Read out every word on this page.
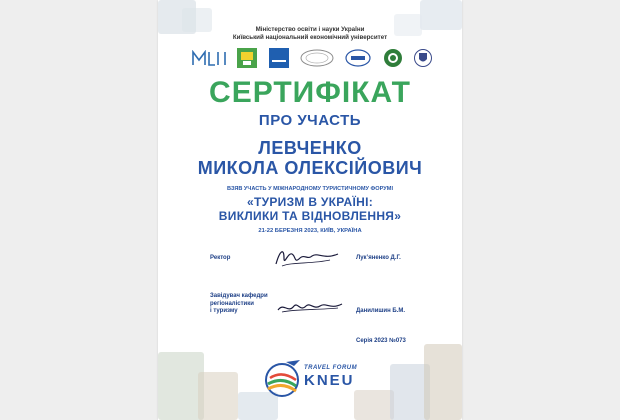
Міністерство освіти і науки України
Київський національний економічний університет
СЕРТИФІКАТ
ПРО УЧАСТЬ
ЛЕВЧЕНКО
МИКОЛА ОЛЕКСІЙОВИЧ
ВЗЯВ УЧАСТЬ У МІЖНАРОДНОМУ ТУРИСТИЧНОМУ ФОРУМІ
«ТУРИЗМ В УКРАЇНІ:
ВИКЛИКИ ТА ВІДНОВЛЕННЯ»
21-22 БЕРЕЗНЯ 2023, КИЇВ, УКРАЇНА
Ректор	Лук’яненко Д.Г.
Завідувач кафедри
регіоналістики
і туризму	Данилишин Б.М.
Серія 2023 №073
TRAVEL FORUM
KNEU
